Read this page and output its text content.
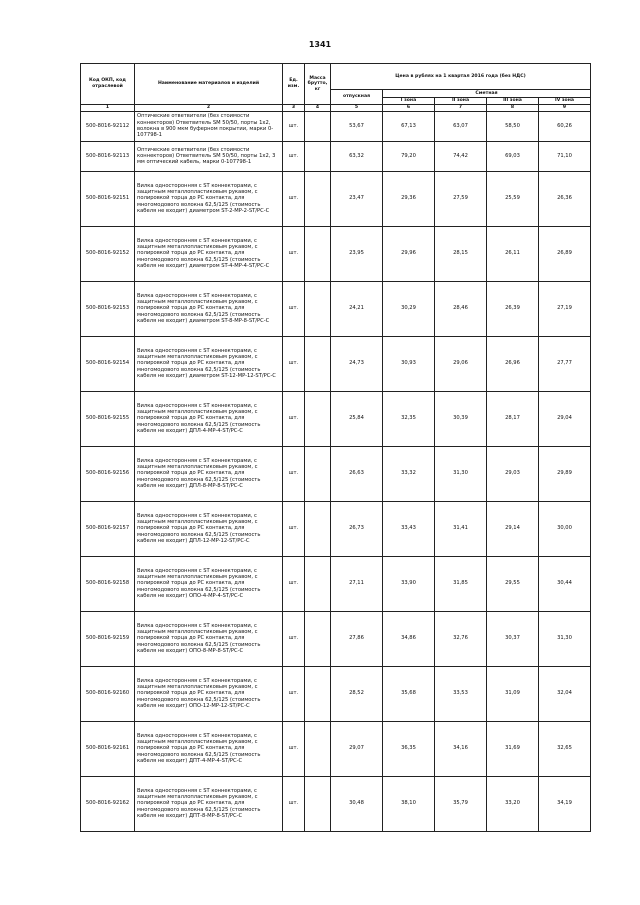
1341
Код ОКП, код отраслевой	Наименование материалов и изделий	Ед. изм.	Масса брутто, кг	Цена в рублях на 1 квартал 2016 года (без НДС)				
				отпускная	Сметная			
					I зона	II зона	III зона	IV зона
1	2	3	4	5	6	7	8	9
500-8016-92112	Оптические ответвители (без стоимости коннекторов) Ответвитель SM 50/50, порты 1x2, волокна в 900 мкм буферном покрытии, марки 0-107798-1	шт.		53,67	67,13	63,07	58,50	60,26
500-8016-92113	Оптические ответвители (без стоимости коннекторов) Ответвитель SM 50/50, порты 1x2, 3 мм оптический кабель, марки 0-107798-1	шт.		63,32	79,20	74,42	69,03	71,10
500-8016-92151	Вилка односторонняя с ST коннекторами, с защитным металлопластиковым рукавом, с полировкой торца до PC контакта, для многомодового волокна 62,5/125 (стоимость кабеля не входит) диаметром ST-2-MP-2-ST/PC-C	шт.		23,47	29,36	27,59	25,59	26,36
500-8016-92152	Вилка односторонняя с ST коннекторами, с защитным металлопластиковым рукавом, с полировкой торца до PC контакта, для многомодового волокна 62,5/125 (стоимость кабеля не входит) диаметром ST-4-MP-4-ST/PC-C	шт.		23,95	29,96	28,15	26,11	26,89
500-8016-92153	Вилка односторонняя с ST коннекторами, с защитным металлопластиковым рукавом, с полировкой торца до PC контакта, для многомодового волокна 62,5/125 (стоимость кабеля не входит) диаметром ST-8-MP-8-ST/PC-C	шт.		24,21	30,29	28,46	26,39	27,19
500-8016-92154	Вилка односторонняя с ST коннекторами, с защитным металлопластиковым рукавом, с полировкой торца до PC контакта, для многомодового волокна 62,5/125 (стоимость кабеля не входит) диаметром ST-12-MP-12-ST/PC-C	шт.		24,73	30,93	29,06	26,96	27,77
500-8016-92155	Вилка односторонняя с ST коннекторами, с защитным металлопластиковым рукавом, с полировкой торца до PC контакта, для многомодового волокна 62,5/125 (стоимость кабеля не входит) ДПЛ-4-MP-4-ST/PC-C	шт.		25,84	32,35	30,39	28,17	29,04
500-8016-92156	Вилка односторонняя с ST коннекторами, с защитным металлопластиковым рукавом, с полировкой торца до PC контакта, для многомодового волокна 62,5/125 (стоимость кабеля не входит) ДПЛ-8-MP-8-ST/PC-C	шт.		26,63	33,32	31,30	29,03	29,89
500-8016-92157	Вилка односторонняя с ST коннекторами, с защитным металлопластиковым рукавом, с полировкой торца до PC контакта, для многомодового волокна 62,5/125 (стоимость кабеля не входит) ДПЛ-12-MP-12-ST/PC-C	шт.		26,73	33,43	31,41	29,14	30,00
500-8016-92158	Вилка односторонняя с ST коннекторами, с защитным металлопластиковым рукавом, с полировкой торца до PC контакта, для многомодового волокна 62,5/125 (стоимость кабеля не входит) ОПО-4-MP-4-ST/PC-C	шт.		27,11	33,90	31,85	29,55	30,44
500-8016-92159	Вилка односторонняя с ST коннекторами, с защитным металлопластиковым рукавом, с полировкой торца до PC контакта, для многомодового волокна 62,5/125 (стоимость кабеля не входит) ОПО-8-MP-8-ST/PC-C	шт.		27,86	34,86	32,76	30,37	31,30
500-8016-92160	Вилка односторонняя с ST коннекторами, с защитным металлопластиковым рукавом, с полировкой торца до PC контакта, для многомодового волокна 62,5/125 (стоимость кабеля не входит) ОПО-12-MP-12-ST/PC-C	шт.		28,52	35,68	33,53	31,09	32,04
500-8016-92161	Вилка односторонняя с ST коннекторами, с защитным металлопластиковым рукавом, с полировкой торца до PC контакта, для многомодового волокна 62,5/125 (стоимость кабеля не входит) ДПТ-4-MP-4-ST/PC-C	шт.		29,07	36,35	34,16	31,69	32,65
500-8016-92162	Вилка односторонняя с ST коннекторами, с защитным металлопластиковым рукавом, с полировкой торца до PC контакта, для многомодового волокна 62,5/125 (стоимость кабеля не входит) ДПТ-8-MP-8-ST/PC-C	шт.		30,48	38,10	35,79	33,20	34,19
